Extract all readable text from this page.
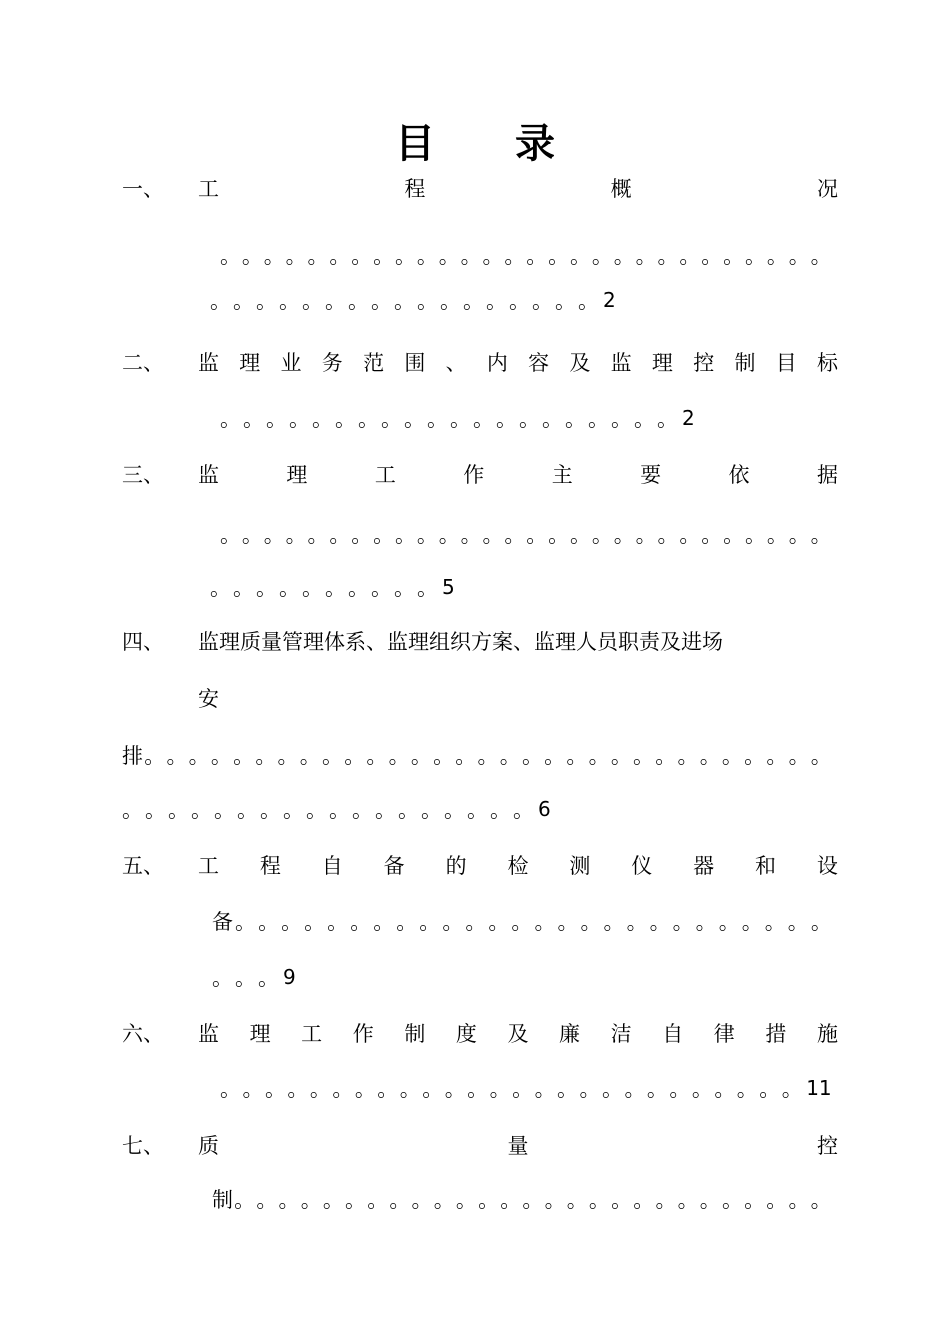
目 录
一、 工	程	概	况
。 。 。 。 。 。 。 。 。 。 。 。 。 。 。 。 。 。 。 。 。 。 。 。 。 。 。 。
。 。 。 。 。 。 。 。 。 。 。 。 。 。 。 。 。 2
二、 监 理 业 务 范 围 、 内 容 及 监 理 控 制 目 标
。 。 。 。 。 。 。 。 。 。 。 。 。 。 。 。 。 。 。 。 2
三、 监	理	工	作	主	要	依	据
。 。 。 。 。 。 。 。 。 。 。 。 。 。 。 。 。 。 。 。 。 。 。 。 。 。 。 。
。 。 。 。 。 。 。 。 。 。 5
四、 监理质量管理体系、监理组织方案、监理人员职责及进场
安
排 。 。 。 。 。 。 。 。 。 。 。 。 。 。 。 。 。 。 。 。 。 。 。 。 。 。 。 。 。 。 。
。 。 。 。 。 。 。 。 。 。 。 。 。 。 。 。 。 。 6
五、 工 程 自 备 的 检 测 仪 器 和 设
备 。 。 。 。 。 。 。 。 。 。 。 。 。 。 。 。 。 。 。 。 。 。 。 。 。 。
。 。 。 9
六、 监 理 工 作 制 度 及 廉 洁 自 律 措 施
。 。 。 。 。 。 。 。 。 。 。 。 。 。 。 。 。 。 。 。 。 。 。 。 。 。 11
七、 质	量	控
制 。 。 。 。 。 。 。 。 。 。 。 。 。 。 。 。 。 。 。 。 。 。 。 。 。 。 。
